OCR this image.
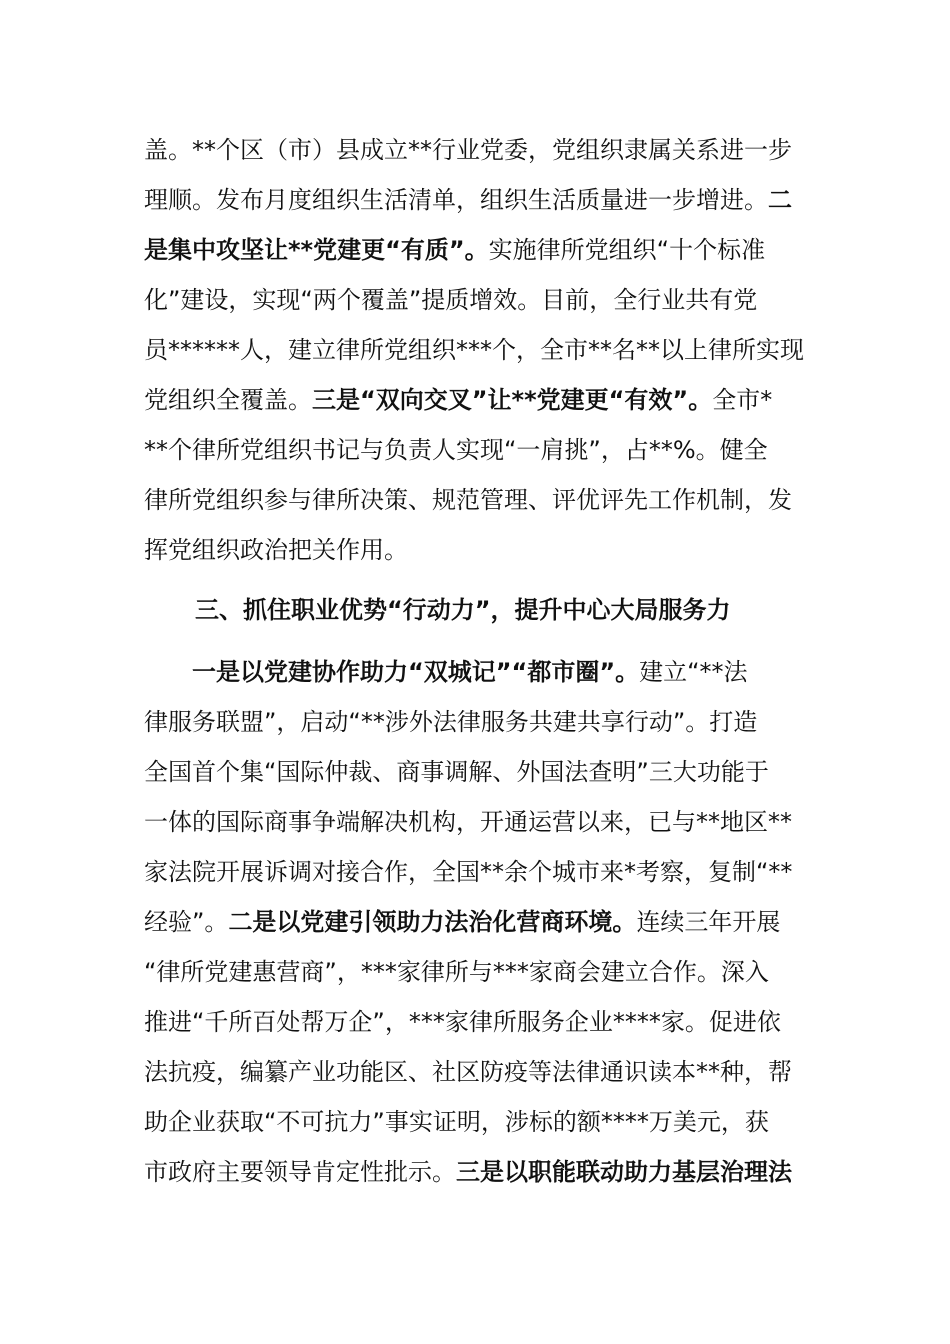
盖。**个区（市）县成立**行业党委，党组织隶属关系进一步
理顺。发布月度组织生活清单，组织生活质量进一步增进。二
是集中攻坚让**党建更“有质”。实施律所党组织“十个标准
化”建设，实现“两个覆盖”提质增效。目前，全行业共有党
员******人，建立律所党组织***个，全市**名**以上律所实现
党组织全覆盖。三是“双向交叉”让**党建更“有效”。全市*
**个律所党组织书记与负责人实现“一肩挑”，占**%。健全
律所党组织参与律所决策、规范管理、评优评先工作机制，发
挥党组织政治把关作用。
三、抓住职业优势“行动力”，提升中心大局服务力
　　一是以党建协作助力“双城记”“都市圈”。建立“**法
律服务联盟”，启动“**涉外法律服务共建共享行动”。打造
全国首个集“国际仲裁、商事调解、外国法查明”三大功能于
一体的国际商事争端解决机构，开通运营以来，已与**地区**
家法院开展诉调对接合作，全国**余个城市来*考察，复制“**
经验”。二是以党建引领助力法治化营商环境。连续三年开展
“律所党建惠营商”，***家律所与***家商会建立合作。深入
推进“千所百处帮万企”，***家律所服务企业****家。促进依
法抗疫，编纂产业功能区、社区防疫等法律通识读本**种，帮
助企业获取“不可抗力”事实证明，涉标的额****万美元，获
市政府主要领导肯定性批示。三是以职能联动助力基层治理法
